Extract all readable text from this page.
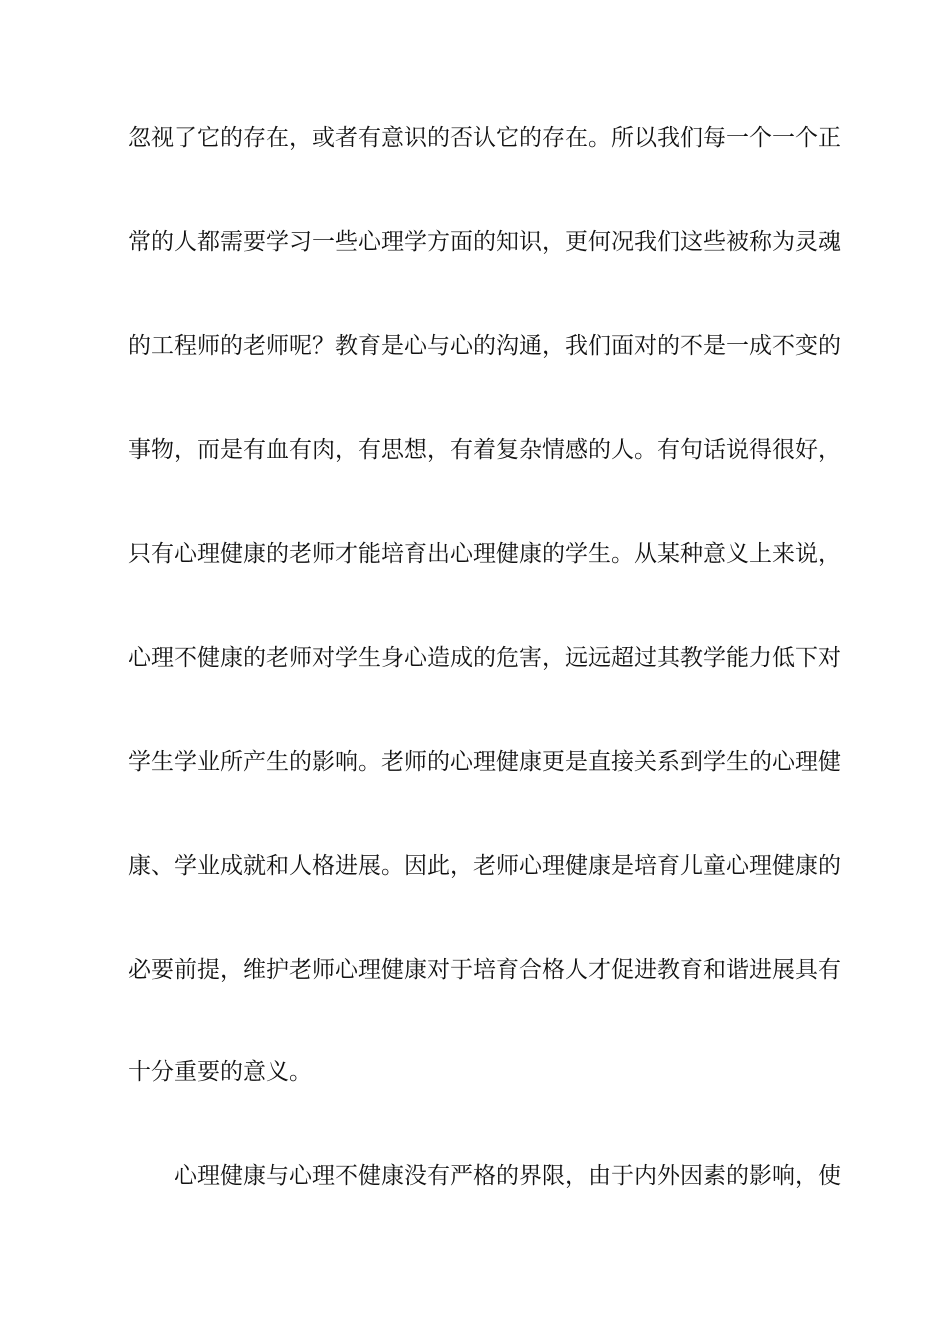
忽视了它的存在，或者有意识的否认它的存在。所以我们每一个一个正
常的人都需要学习一些心理学方面的知识，更何况我们这些被称为灵魂
的工程师的老师呢？教育是心与心的沟通，我们面对的不是一成不变的
事物，而是有血有肉，有思想，有着复杂情感的人。有句话说得很好，
只有心理健康的老师才能培育出心理健康的学生。从某种意义上来说，
心理不健康的老师对学生身心造成的危害，远远超过其教学能力低下对
学生学业所产生的影响。老师的心理健康更是直接关系到学生的心理健
康、学业成就和人格进展。因此，老师心理健康是培育儿童心理健康的
必要前提，维护老师心理健康对于培育合格人才促进教育和谐进展具有
十分重要的意义。
心理健康与心理不健康没有严格的界限，由于内外因素的影响，使
